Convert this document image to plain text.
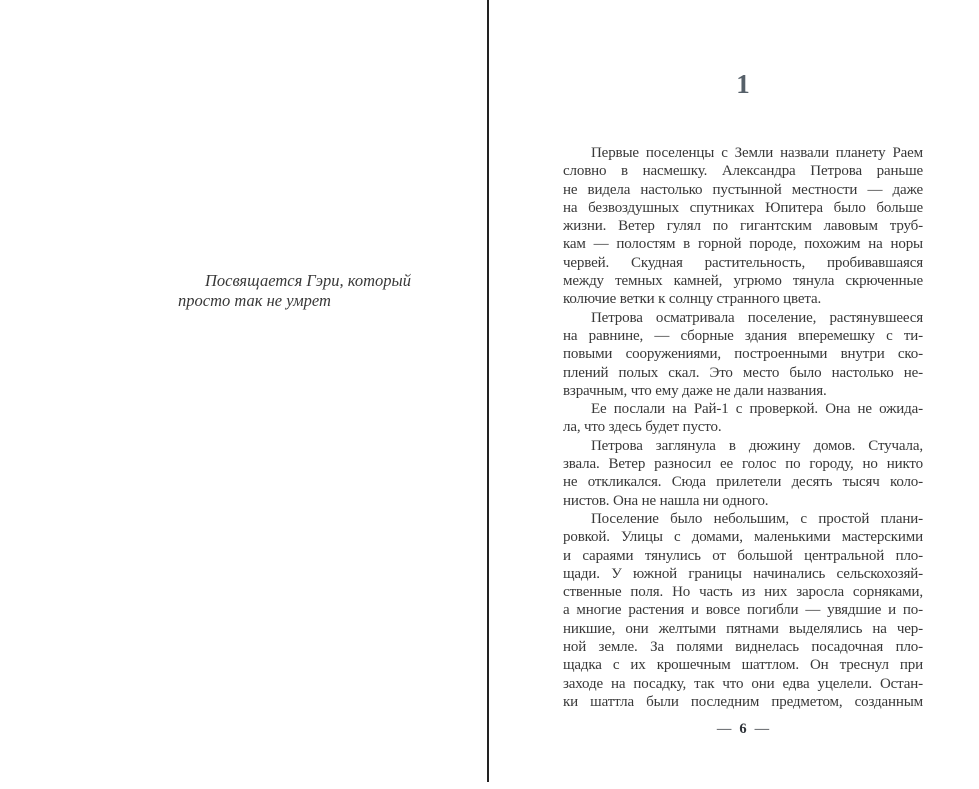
Посвящается Гэри, который
просто так не умрет
1
Первые поселенцы с Земли назвали планету Раем
словно в насмешку. Александра Петрова раньше
не видела настолько пустынной местности — даже
на безвоздушных спутниках Юпитера было больше
жизни. Ветер гулял по гигантским лавовым труб-
кам — полостям в горной породе, похожим на норы
червей. Скудная растительность, пробивавшаяся
между темных камней, угрюмо тянула скрюченные
колючие ветки к солнцу странного цвета.
Петрова осматривала поселение, растянувшееся
на равнине, — сборные здания вперемешку с ти-
повыми сооружениями, построенными внутри ско-
плений полых скал. Это место было настолько не-
взрачным, что ему даже не дали названия.
Ее послали на Рай-1 с проверкой. Она не ожида-
ла, что здесь будет пусто.
Петрова заглянула в дюжину домов. Стучала,
звала. Ветер разносил ее голос по городу, но никто
не откликался. Сюда прилетели десять тысяч коло-
нистов. Она не нашла ни одного.
Поселение было небольшим, с простой плани-
ровкой. Улицы с домами, маленькими мастерскими
и сараями тянулись от большой центральной пло-
щади. У южной границы начинались сельскохозяй-
ственные поля. Но часть из них заросла сорняками,
а многие растения и вовсе погибли — увядшие и по-
никшие, они желтыми пятнами выделялись на чер-
ной земле. За полями виднелась посадочная пло-
щадка с их крошечным шаттлом. Он треснул при
заходе на посадку, так что они едва уцелели. Остан-
ки шаттла были последним предметом, созданным
— 6 —
